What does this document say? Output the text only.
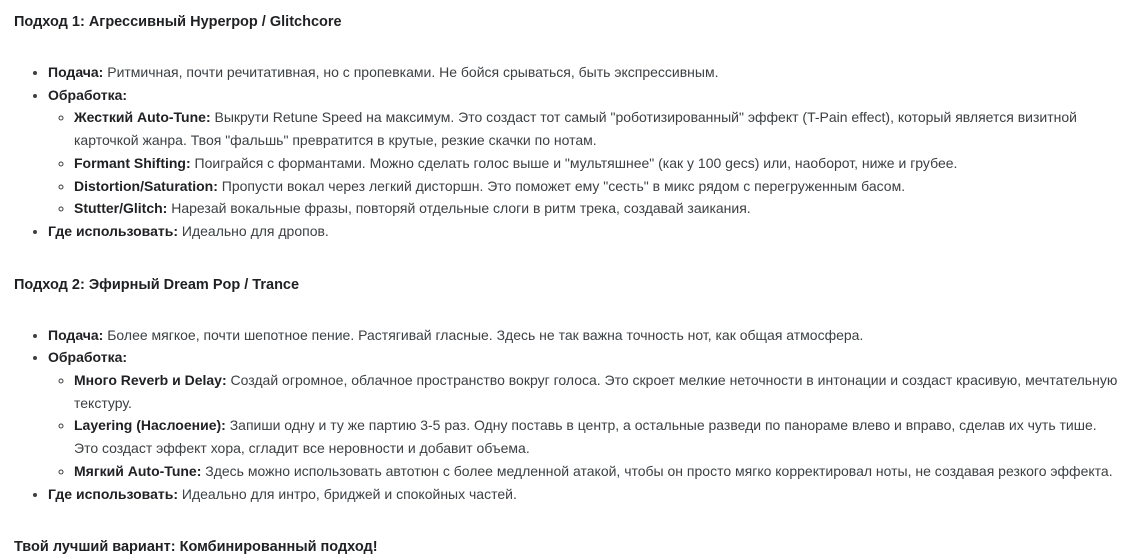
Подход 1: Агрессивный Hyperpop / Glitchcore
• Подача: Ритмичная, почти речитативная, но с пропевками. Не бойся срываться, быть экспрессивным.
• Обработка:
◦ Жесткий Auto-Tune: Выкрути Retune Speed на максимум. Это создаст тот самый "роботизированный" эффект (T-Pain effect), который является визитной карточкой жанра. Твоя "фальшь" превратится в крутые, резкие скачки по нотам.
◦ Formant Shifting: Поиграйся с формантами. Можно сделать голос выше и "мультяшнее" (как у 100 gecs) или, наоборот, ниже и грубее.
◦ Distortion/Saturation: Пропусти вокал через легкий дисторшн. Это поможет ему "сесть" в микс рядом с перегруженным басом.
◦ Stutter/Glitch: Нарезай вокальные фразы, повторяй отдельные слоги в ритм трека, создавай заикания.
• Где использовать: Идеально для дропов.
Подход 2: Эфирный Dream Pop / Trance
• Подача: Более мягкое, почти шепотное пение. Растягивай гласные. Здесь не так важна точность нот, как общая атмосфера.
• Обработка:
◦ Много Reverb и Delay: Создай огромное, облачное пространство вокруг голоса. Это скроет мелкие неточности в интонации и создаст красивую, мечтательную текстуру.
◦ Layering (Наслоение): Запиши одну и ту же партию 3-5 раз. Одну поставь в центр, а остальные разведи по панораме влево и вправо, сделав их чуть тише. Это создаст эффект хора, сгладит все неровности и добавит объема.
◦ Мягкий Auto-Tune: Здесь можно использовать автотюн с более медленной атакой, чтобы он просто мягко корректировал ноты, не создавая резкого эффекта.
• Где использовать: Идеально для интро, бриджей и спокойных частей.
Твой лучший вариант: Комбинированный подход!
